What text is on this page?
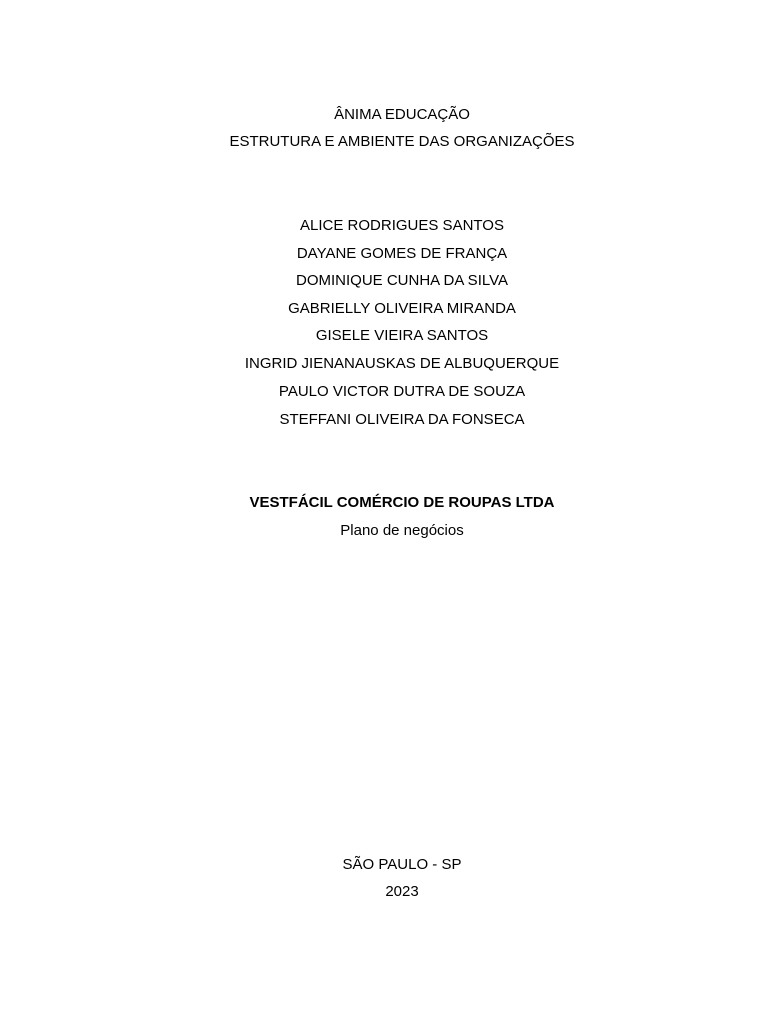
ÂNIMA EDUCAÇÃO
ESTRUTURA E AMBIENTE DAS ORGANIZAÇÕES
ALICE RODRIGUES SANTOS
DAYANE GOMES DE FRANÇA
DOMINIQUE CUNHA DA SILVA
GABRIELLY OLIVEIRA MIRANDA
GISELE VIEIRA SANTOS
INGRID JIENANAUSKAS DE ALBUQUERQUE
PAULO VICTOR DUTRA DE SOUZA
STEFFANI OLIVEIRA DA FONSECA
VESTFÁCIL COMÉRCIO DE ROUPAS LTDA
Plano de negócios
SÃO PAULO - SP
2023
